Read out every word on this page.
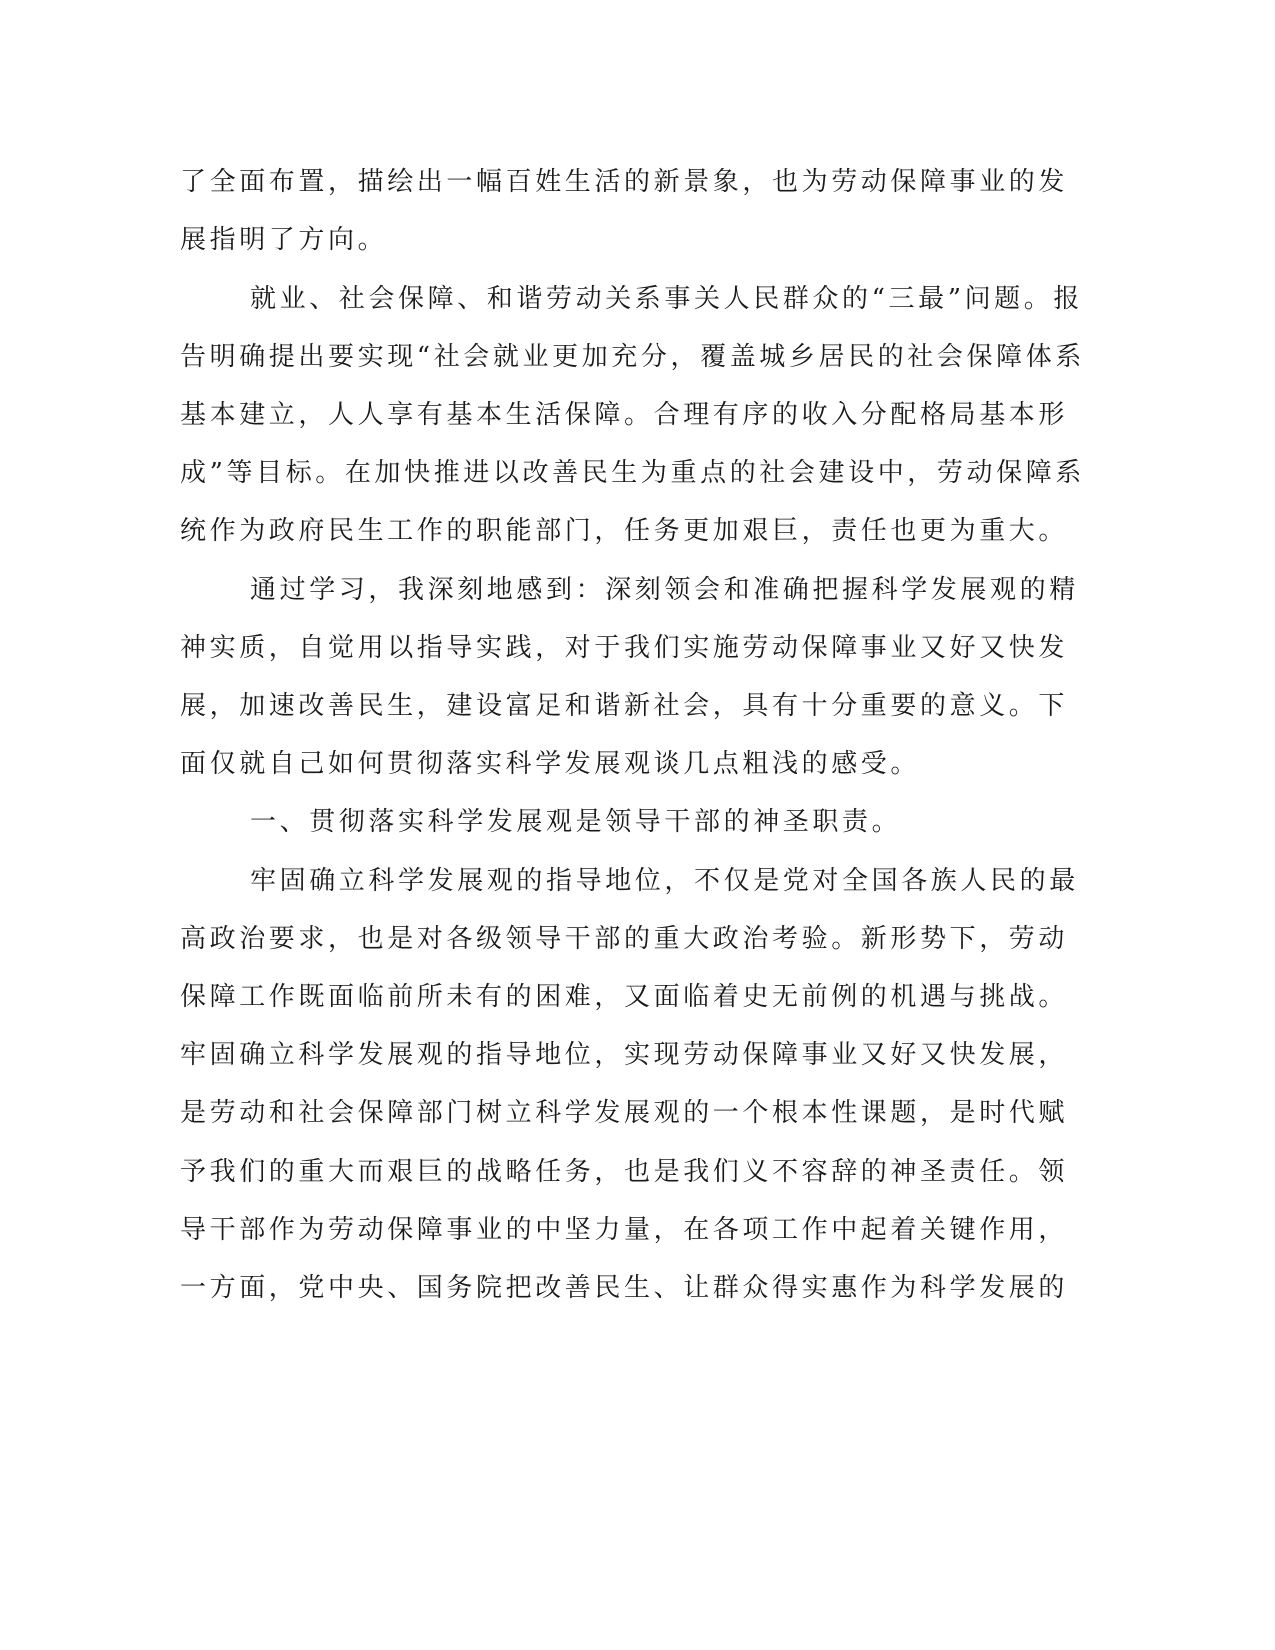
了全面布置，描绘出一幅百姓生活的新景象，也为劳动保障事业的发
展指明了方向。
就业、社会保障、和谐劳动关系事关人民群众的“三最”问题。报
告明确提出要实现“社会就业更加充分，覆盖城乡居民的社会保障体系
基本建立，人人享有基本生活保障。合理有序的收入分配格局基本形
成”等目标。在加快推进以改善民生为重点的社会建设中，劳动保障系
统作为政府民生工作的职能部门，任务更加艰巨，责任也更为重大。
通过学习，我深刻地感到：深刻领会和准确把握科学发展观的精
神实质，自觉用以指导实践，对于我们实施劳动保障事业又好又快发
展，加速改善民生，建设富足和谐新社会，具有十分重要的意义。下
面仅就自己如何贯彻落实科学发展观谈几点粗浅的感受。
一、贯彻落实科学发展观是领导干部的神圣职责。
牢固确立科学发展观的指导地位，不仅是党对全国各族人民的最
高政治要求，也是对各级领导干部的重大政治考验。新形势下，劳动
保障工作既面临前所未有的困难，又面临着史无前例的机遇与挑战。
牢固确立科学发展观的指导地位，实现劳动保障事业又好又快发展，
是劳动和社会保障部门树立科学发展观的一个根本性课题，是时代赋
予我们的重大而艰巨的战略任务，也是我们义不容辞的神圣责任。领
导干部作为劳动保障事业的中坚力量，在各项工作中起着关键作用，
一方面，党中央、国务院把改善民生、让群众得实惠作为科学发展的
